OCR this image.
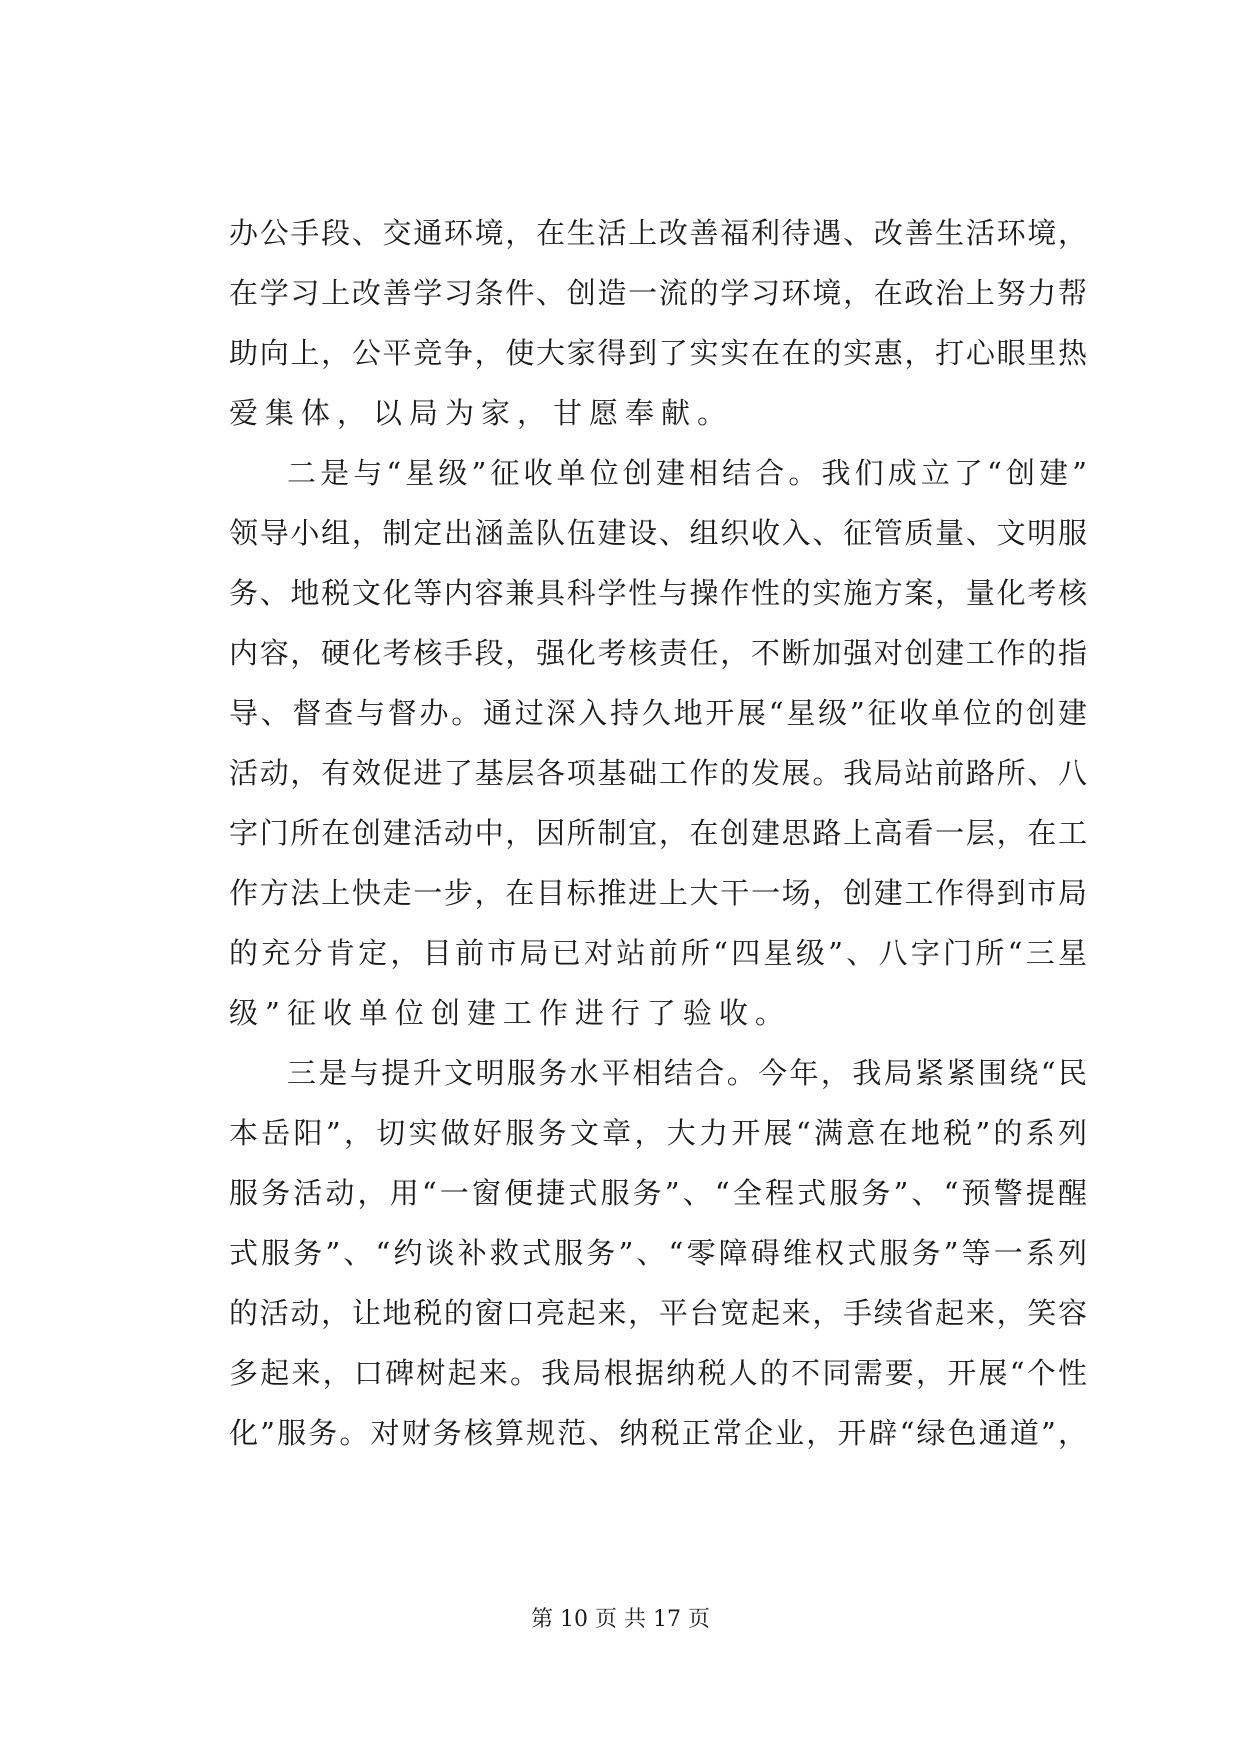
办公手段、交通环境，在生活上改善福利待遇、改善生活环境，
在学习上改善学习条件、创造一流的学习环境，在政治上努力帮
助向上，公平竞争，使大家得到了实实在在的实惠，打心眼里热
爱集体，以局为家，甘愿奉献。
二是与“星级”征收单位创建相结合。我们成立了“创建”
领导小组，制定出涵盖队伍建设、组织收入、征管质量、文明服
务、地税文化等内容兼具科学性与操作性的实施方案，量化考核
内容，硬化考核手段，强化考核责任，不断加强对创建工作的指
导、督查与督办。通过深入持久地开展“星级”征收单位的创建
活动，有效促进了基层各项基础工作的发展。我局站前路所、八
字门所在创建活动中，因所制宜，在创建思路上高看一层，在工
作方法上快走一步，在目标推进上大干一场，创建工作得到市局
的充分肯定，目前市局已对站前所“四星级”、八字门所“三星
级”征收单位创建工作进行了验收。
三是与提升文明服务水平相结合。今年，我局紧紧围绕“民
本岳阳”，切实做好服务文章，大力开展“满意在地税”的系列
服务活动，用“一窗便捷式服务”、“全程式服务”、“预警提醒
式服务”、“约谈补救式服务”、“零障碍维权式服务”等一系列
的活动，让地税的窗口亮起来，平台宽起来，手续省起来，笑容
多起来，口碑树起来。我局根据纳税人的不同需要，开展“个性
化”服务。对财务核算规范、纳税正常企业，开辟“绿色通道”，
第 10 页 共 17 页
